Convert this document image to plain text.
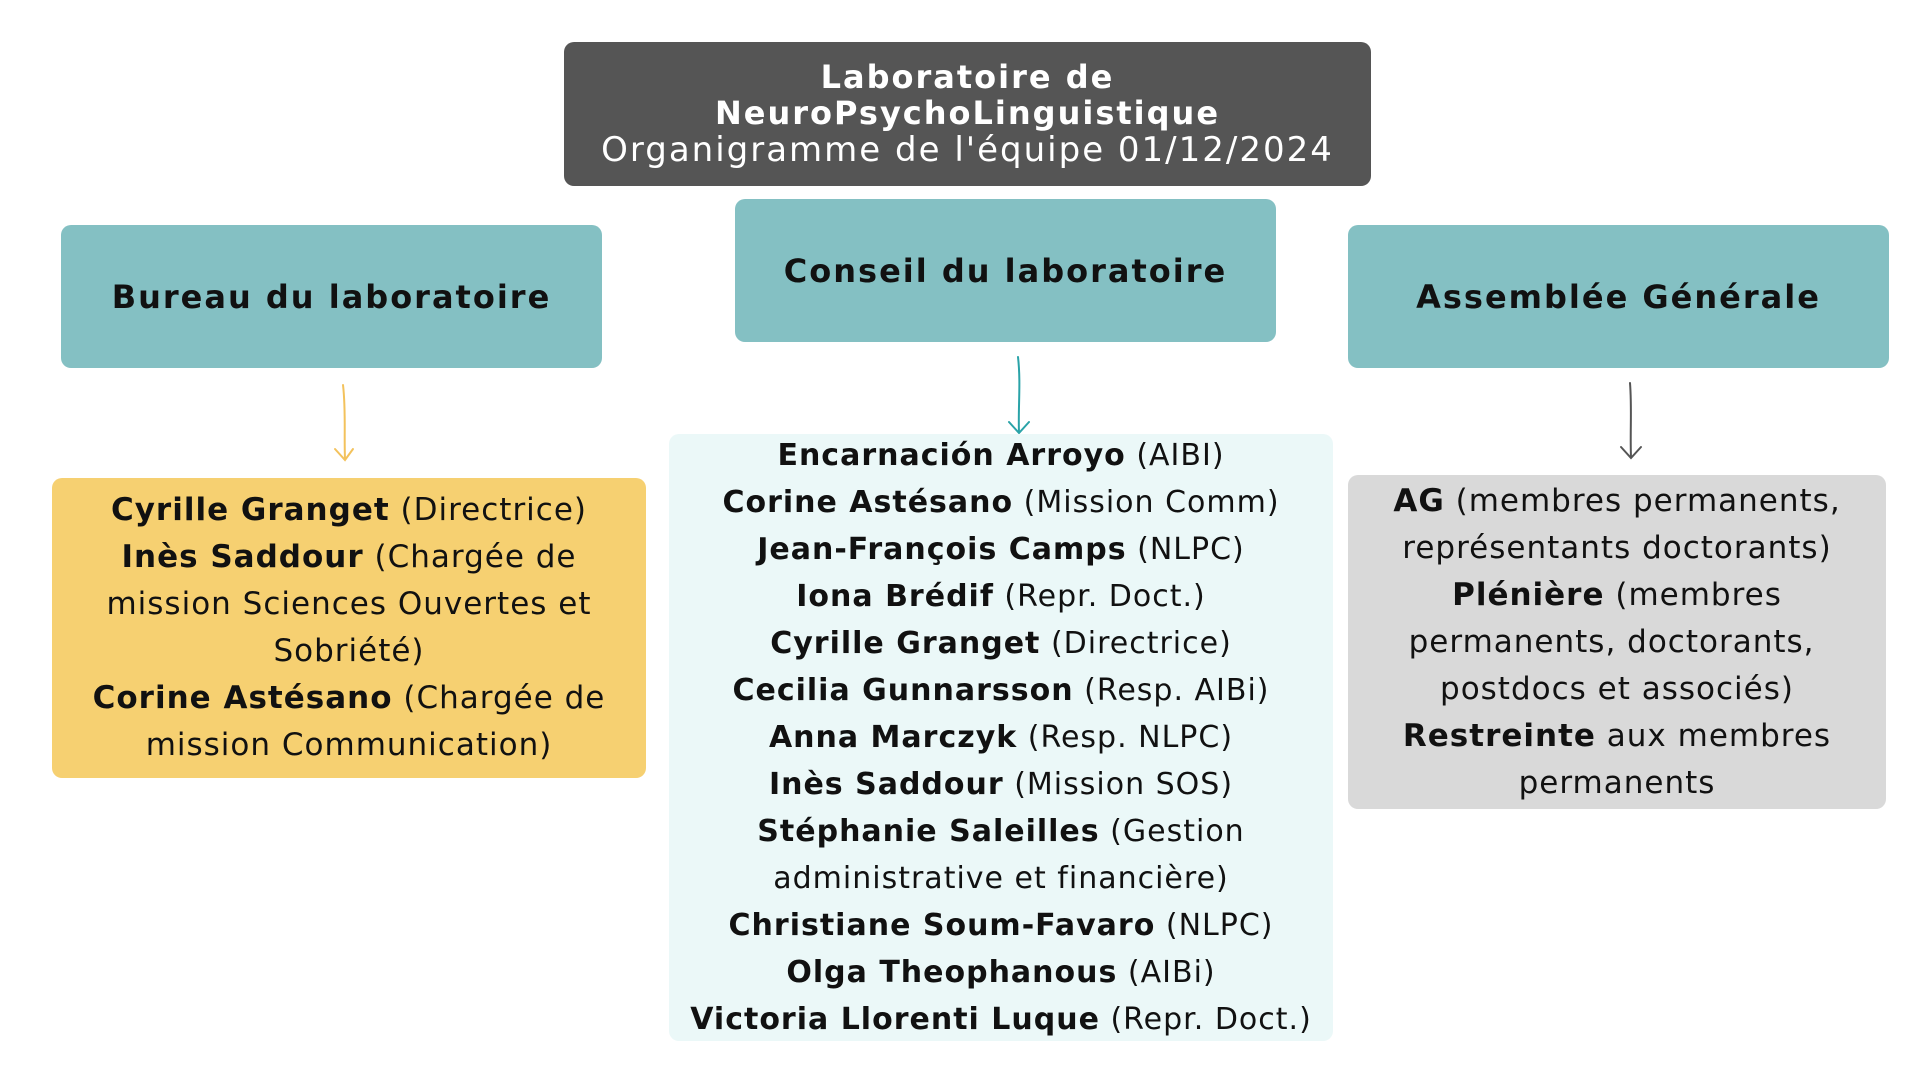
Laboratoire de
NeuroPsychoLinguistique
Organigramme de l'équipe 01/12/2024
Bureau du laboratoire
Conseil du laboratoire
Assemblée Générale
Cyrille Granget (Directrice)
Inès Saddour (Chargée de
mission Sciences Ouvertes et
Sobriété)
Corine Astésano (Chargée de
mission Communication)
Encarnación Arroyo (AIBI)
Corine Astésano (Mission Comm)
Jean-François Camps (NLPC)
Iona Brédif (Repr. Doct.)
Cyrille Granget (Directrice)
Cecilia Gunnarsson (Resp. AIBi)
Anna Marczyk (Resp. NLPC)
Inès Saddour (Mission SOS)
Stéphanie Saleilles (Gestion
administrative et financière)
Christiane Soum-Favaro (NLPC)
Olga Theophanous (AIBi)
Victoria Llorenti Luque (Repr. Doct.)
AG (membres permanents,
représentants doctorants)
Plénière (membres
permanents, doctorants,
postdocs et associés)
Restreinte aux membres
permanents
